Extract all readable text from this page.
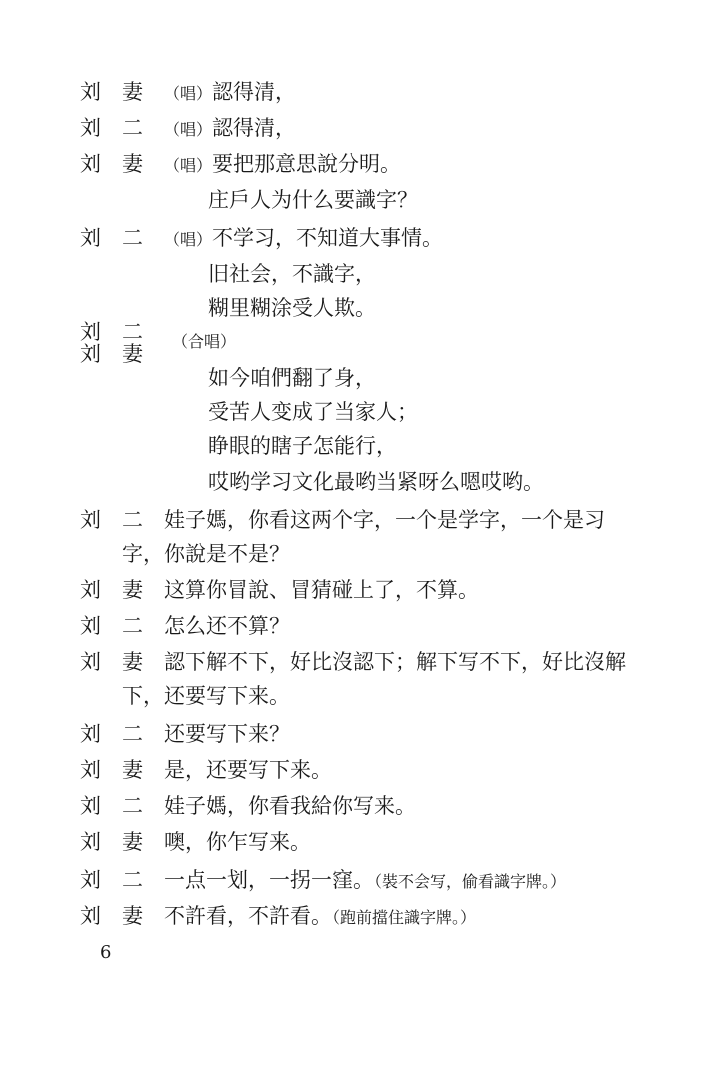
刘 妻 （唱）認得清，
刘 二 （唱）認得清，
刘 妻 （唱）要把那意思說分明。
庄戶人为什么要識字？
刘 二 （唱）不学习，不知道大事情。
旧社会，不識字，
糊里糊涂受人欺。
刘 二
刘 妻
（合唱）
如今咱們翻了身，
受苦人变成了当家人；
睁眼的瞎子怎能行，
哎哟学习文化最哟当紧呀么嗯哎哟。
刘 二 娃子媽，你看这两个字，一个是学字，一个是习
字，你說是不是？
刘 妻 这算你冒說、冒猜碰上了，不算。
刘 二 怎么还不算？
刘 妻 認下解不下，好比沒認下；解下写不下，好比沒解
下，还要写下来。
刘 二 还要写下来？
刘 妻 是，还要写下来。
刘 二 娃子媽，你看我給你写来。
刘 妻 噢，你乍写来。
刘 二 一点一划，一拐一窪。（裝不会写，偷看識字牌。）
刘 妻 不許看，不許看。（跑前擋住識字牌。）
6
